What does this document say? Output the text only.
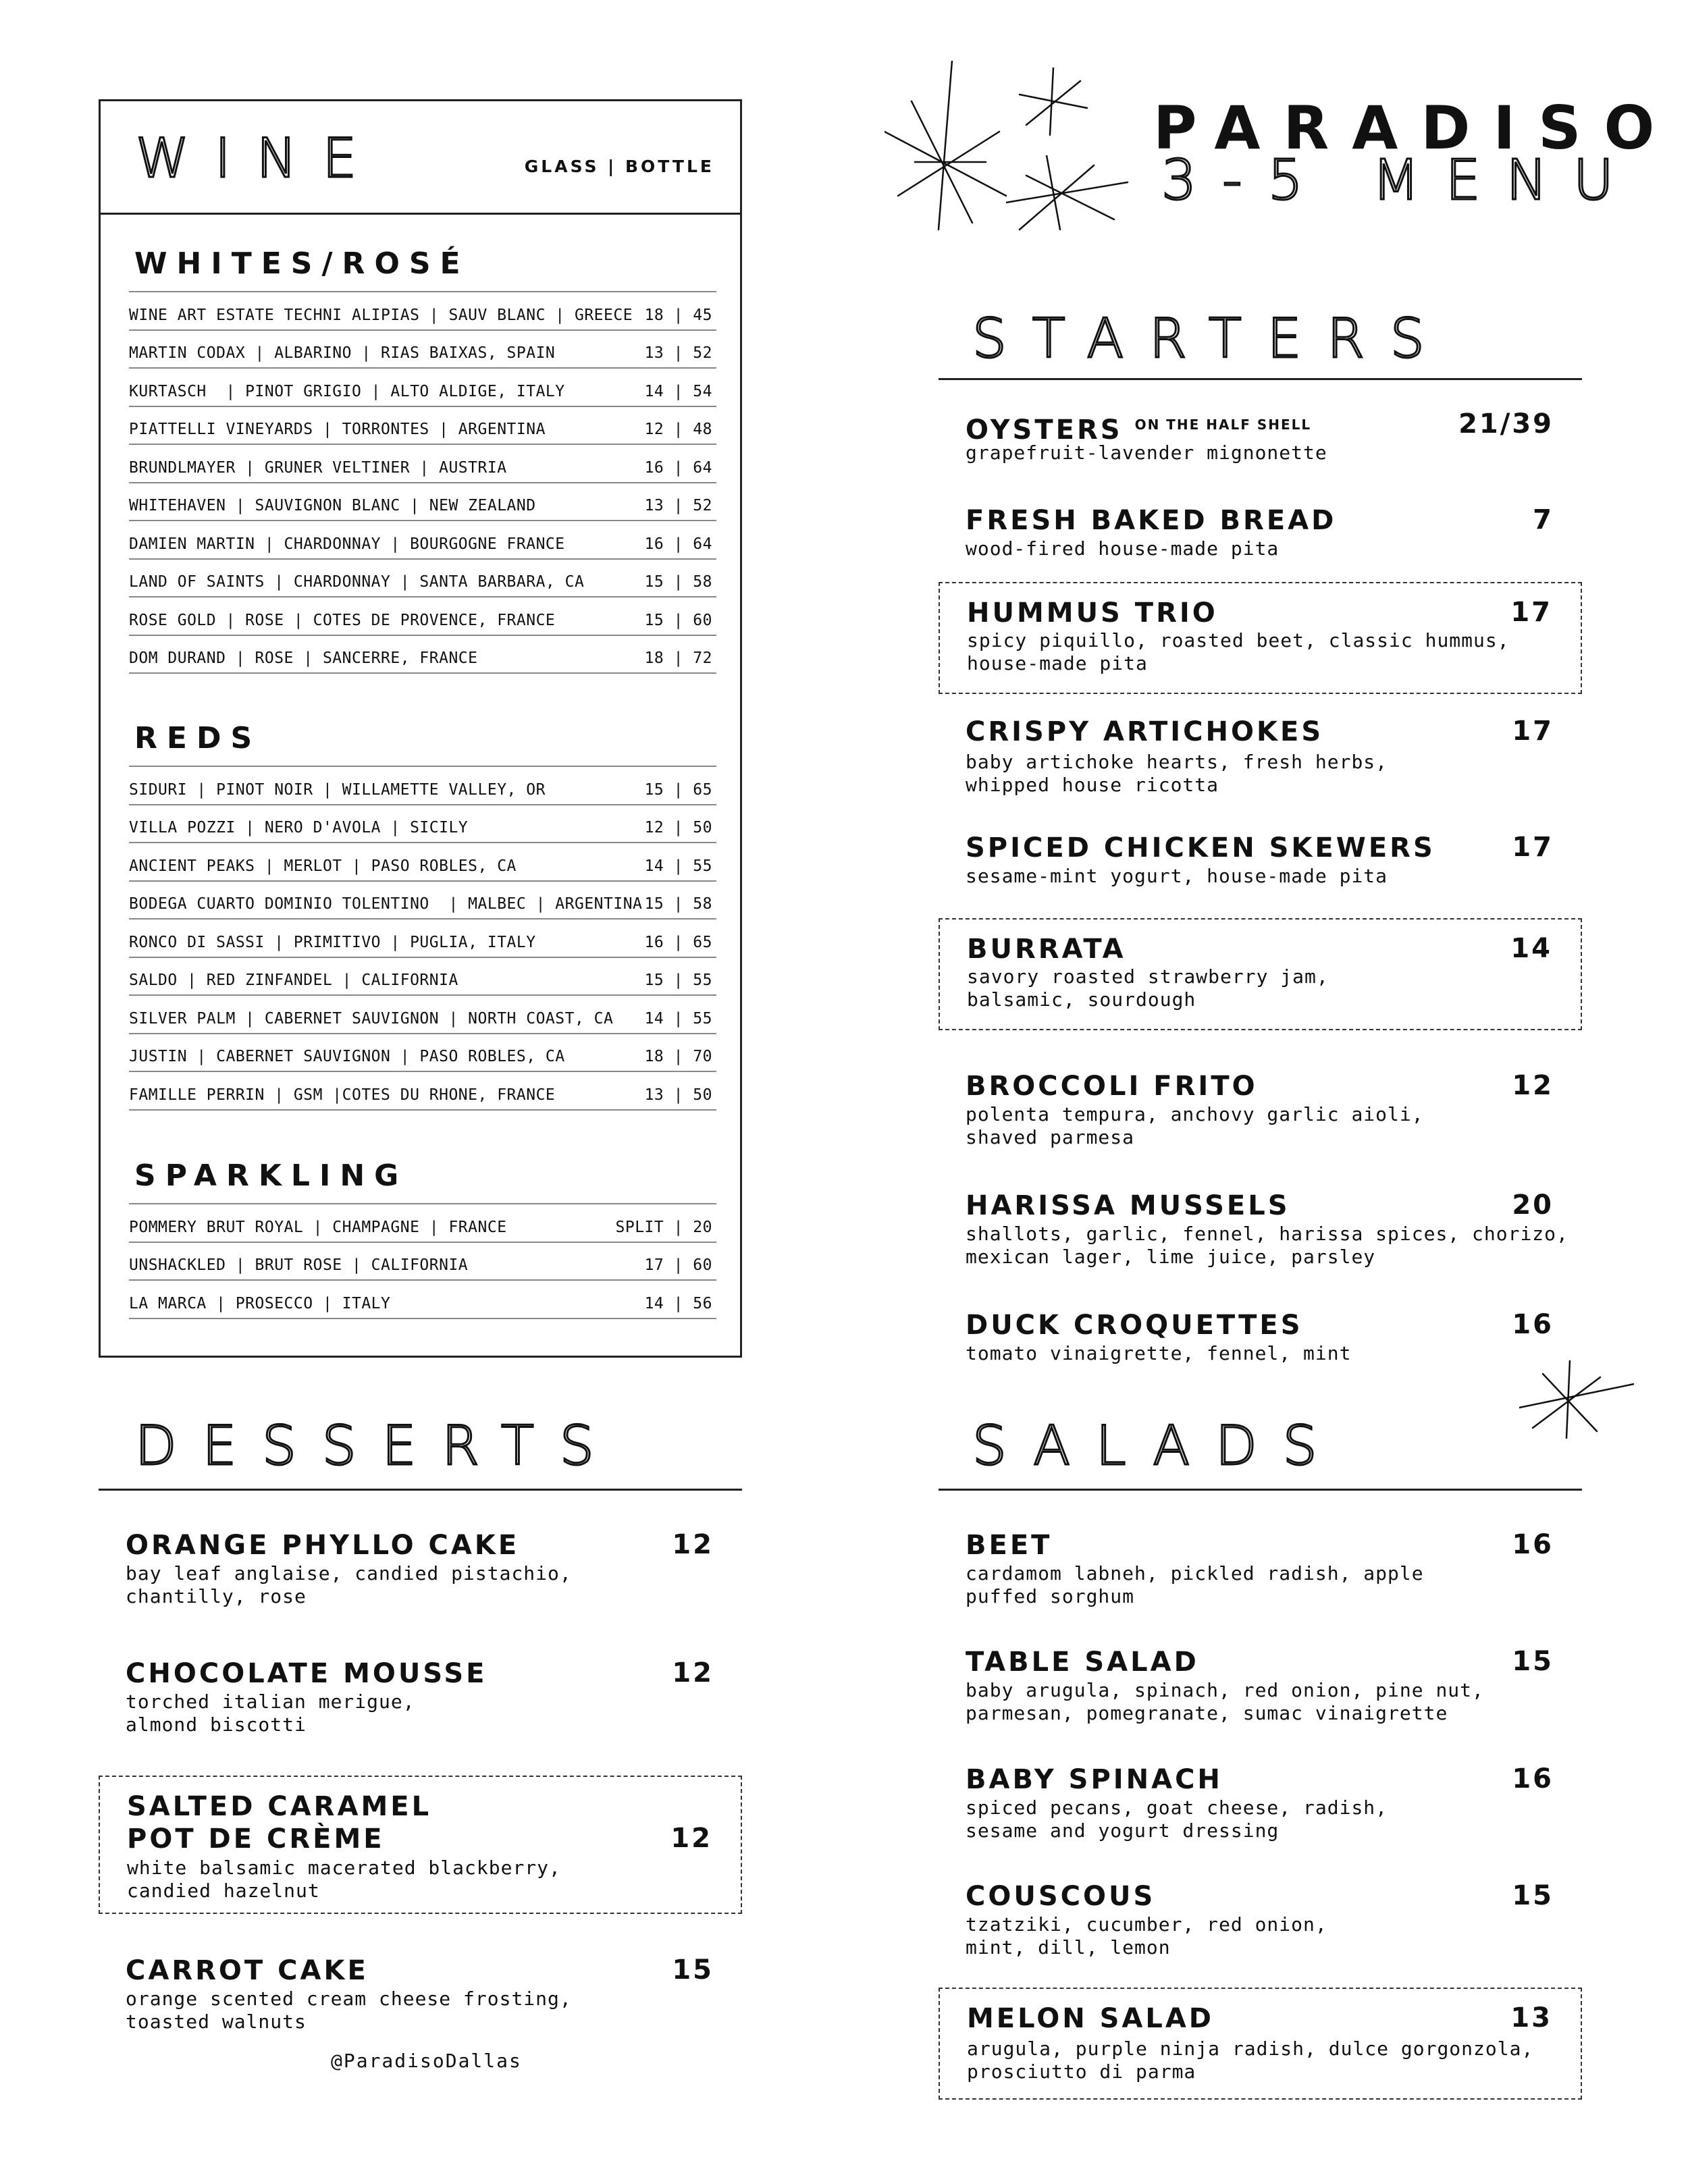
WINE	GLASS | BOTTLE
WHITES/ROSÉ
WINE ART ESTATE TECHNI ALIPIAS | SAUV BLANC | GREECE 18 | 45
MARTIN CODAX | ALBARINO | RIAS BAIXAS, SPAIN	13 | 52
KURTASCH  | PINOT GRIGIO | ALTO ALDIGE, ITALY	14 | 54
PIATTELLI VINEYARDS | TORRONTES | ARGENTINA	12 | 48
BRUNDLMAYER | GRUNER VELTINER | AUSTRIA	16 | 64
WHITEHAVEN | SAUVIGNON BLANC | NEW ZEALAND	13 | 52
DAMIEN MARTIN | CHARDONNAY | BOURGOGNE FRANCE	16 | 64
LAND OF SAINTS | CHARDONNAY | SANTA BARBARA, CA	15 | 58
ROSE GOLD | ROSE | COTES DE PROVENCE, FRANCE	15 | 60
DOM DURAND | ROSE | SANCERRE, FRANCE	18 | 72
REDS
SIDURI | PINOT NOIR | WILLAMETTE VALLEY, OR	15 | 65
VILLA POZZI | NERO D'AVOLA | SICILY	12 | 50
ANCIENT PEAKS | MERLOT | PASO ROBLES, CA	14 | 55
BODEGA CUARTO DOMINIO TOLENTINO  | MALBEC | ARGENTINA 15 | 58
RONCO DI SASSI | PRIMITIVO | PUGLIA, ITALY	16 | 65
SALDO | RED ZINFANDEL | CALIFORNIA	15 | 55
SILVER PALM | CABERNET SAUVIGNON | NORTH COAST, CA 14 | 55
JUSTIN | CABERNET SAUVIGNON | PASO ROBLES, CA	18 | 70
FAMILLE PERRIN | GSM |COTES DU RHONE, FRANCE	13 | 50
SPARKLING
POMMERY BRUT ROYAL | CHAMPAGNE | FRANCE	SPLIT | 20
UNSHACKLED | BRUT ROSE | CALIFORNIA	17 | 60
LA MARCA | PROSECCO | ITALY	14 | 56
PARADISO
3-5 MENU
STARTERS
DESSERTS	SALADS
OYSTERS $^{ON THE HALF SHELL}$	21/39
grapefruit-lavender mignonette
FRESH BAKED BREAD	7
wood-fired house-made pita
HUMMUS TRIO	17
spicy piquillo, roasted beet, classic hummus,
house-made pita
CRISPY ARTICHOKES	17
baby artichoke hearts, fresh herbs,
whipped house ricotta
SPICED CHICKEN SKEWERS	17
sesame-mint yogurt, house-made pita
BURRATA	14
savory roasted strawberry jam,
balsamic, sourdough
BROCCOLI FRITO	12
polenta tempura, anchovy garlic aioli,
shaved parmesa
HARISSA MUSSELS	20
shallots, garlic, fennel, harissa spices, chorizo,
mexican lager, lime juice, parsley
DUCK CROQUETTES	16
tomato vinaigrette, fennel, mint
ORANGE PHYLLO CAKE	12
bay leaf anglaise, candied pistachio,
chantilly, rose
CHOCOLATE MOUSSE	12
torched italian merigue,
almond biscotti
SALTED CARAMEL
POT DE CRÈME	12
white balsamic macerated blackberry,
candied hazelnut
CARROT CAKE	15
orange scented cream cheese frosting,
toasted walnuts
BEET	16
cardamom labneh, pickled radish, apple
puffed sorghum
TABLE SALAD	15
baby arugula, spinach, red onion, pine nut,
parmesan, pomegranate, sumac vinaigrette
BABY SPINACH	16
spiced pecans, goat cheese, radish,
sesame and yogurt dressing
COUSCOUS	15
tzatziki, cucumber, red onion,
mint, dill, lemon
MELON SALAD	13
arugula, purple ninja radish, dulce gorgonzola,
prosciutto di parma
@ParadisoDallas
